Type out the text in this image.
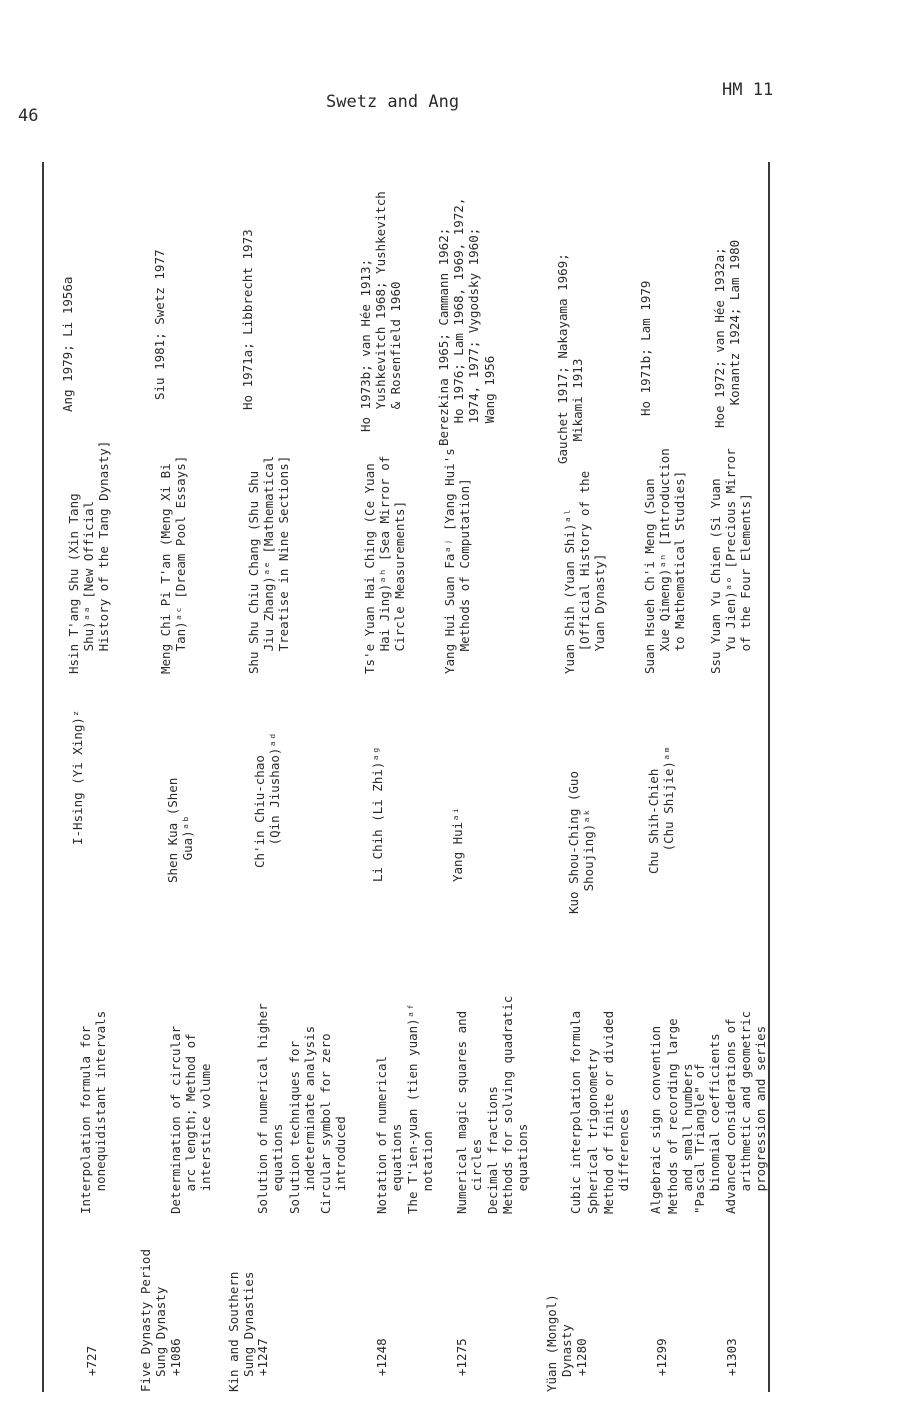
46
Swetz and Ang
HM 11
+727
Interpolation formula for
nonequidistant intervals
I-Hsing (Yi Xing)ᶻ
Hsin T'ang Shu (Xin Tang
Shu)ᵃᵃ [New Official
History of the Tang Dynasty]
Ang 1979; Li 1956a
Five Dynasty Period
Sung Dynasty
+1086
Determination of circular
arc length; Method of
interstice volume
Shen Kua (Shen
Gua)ᵃᵇ
Meng Chi Pi T'an (Meng Xi Bi
Tan)ᵃᶜ [Dream Pool Essays]
Siu 1981; Swetz 1977
Kin and Southern
Sung Dynasties
+1247
Solution of numerical higher
equations Solution techniques for
indeterminate analysis
Circular symbol for zero
introduced
Ch'in Chiu-chao
(Qin Jiushao)ᵃᵈ
Shu Shu Chiu Chang (Shu Shu
Jiu Zhang)ᵃᵉ [Mathematical
Treatise in Nine Sections]
Ho 1971a; Libbrecht 1973
+1248
Notation of numerical
equations
The T'ien-yuan (tien yuan)ᵃᶠ
notation
Li Chih (Li Zhi)ᵃᵍ
Ts'e Yuan Hai Ching (Ce Yuan
Hai Jing)ᵃʰ [Sea Mirror of
Circle Measurements]
Ho 1973b; van Hée 1913;
Yushkevitch 1968; Yushkevitch
& Rosenfield 1960
+1275
Numerical magic squares and
circles Decimal fractions Methods for solving quadratic
equations
Yang Huiᵃⁱ
Yang Hui Suan Faᵃʲ [Yang Hui's
Methods of Computation]
Berezkina 1965; Cammann 1962;
Ho 1976; Lam 1968, 1969, 1972,
1974, 1977; Vygodsky 1960;
Wang 1956
Yüan (Mongol)
Dynasty +1280
Cubic interpolation formula Spherical trigonometry Method of finite or divided
differences
Kuo Shou-Ching (Guo
Shoujing)ᵃᵏ
Yuan Shih (Yuan Shi)ᵃˡ
[Official History of the
Yuan Dynasty]
Gauchet 1917; Nakayama 1969;
Mikami 1913
+1299
Algebraic sign convention Methods of recording large
and small numbers
Chu Shih-Chieh
(Chu Shijie)ᵃᵐ
Suan Hsueh Ch'i Meng (Suan
Xue Qimeng)ᵃⁿ [Introduction
to Mathematical Studies]
Ho 1971b; Lam 1979
+1303
"Pascal Triangle" of
binomial coefficients
Advanced considerations of
arithmetic and geometric
progression and series
Ssu Yuan Yu Chien (Si Yuan
Yu Jien)ᵃᵒ [Precious Mirror
of the Four Elements]
Hoe 1972; van Hée 1932a;
Konantz 1924; Lam 1980
